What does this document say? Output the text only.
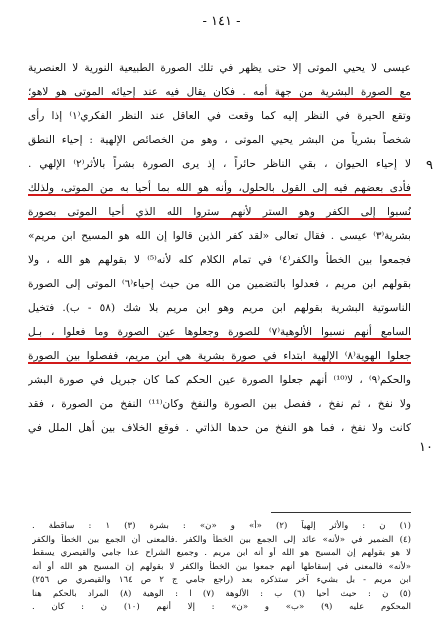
- ١٤١ -
عيسى لا يحيي الموتى إلا حتى يظهر في تلك الصورة الطبيعية النورية لا العنصرية
مع الصورة البشرية من جهة أمه . فكان يقال فيه عند إحيائه الموتى هو لاهو؛
وتقع الحيرة في النظر إليه كما وقعت في العاقل عند النظر الفكري⁽١⁾ إذا رأى
شخصاً بشرياً من البشر يحيي الموتى ، وهو من الخصائص الإلهية : إحياء النطق
لا إحياء الحيوان ، بقي الناظر حائراً ، إذ يرى الصورة بشراً بالأثر⁽٢⁾ الإلهي .
فأدى بعضهم فيه إلى القول بالحلول، وأنه هو الله بما أحيا به من الموتى، ولذلك
نُسبوا إلى الكفر وهو الستر لأنهم ستروا الله الذي أحيا الموتى بصورة
بشرية⁽٣⁾ عيسى . فقال تعالى «لقد كفر الذين قالوا إن الله هو المسيح ابن مريم»
فجمعوا بين الخطأ والكفر⁽٤⁾ في تمام الكلام كله لأنه⁽⁵⁾ لا بقولهم هو الله ، ولا
بقولهم ابن مريم ، فعدلوا بالتضمين من الله من حيث إحياء⁽٦⁾ الموتى إلى الصورة
الناسوتية البشرية بقولهم ابن مريم وهو ابن مريم بلا شك (٥٨ - ب). فتخيل
السامع أنهم نسبوا الألوهية⁽٧⁾ للصورة وجعلوها عين الصورة وما فعلوا ، بـل
جعلوا الهوية⁽٨⁾ الإلهية ابتداء في صورة بشرية هي ابن مريم، ففصلوا بين الصورة
والحكم⁽٩⁾ ، لا⁽¹⁰⁾ أنهم جعلوا الصورة عين الحكم كما كان جبريل في صورة البشر
ولا نفخ ، ثم نفخ ، ففصل بين الصورة والنفخ وكان⁽¹¹⁾ النفخ من الصورة ، فقد
كانت ولا نفخ ، فما هو النفخ من حدها الذاتي . فوقع الخلاف بين أهل الملل في
٩
١٠
(١) ن : والأثر إلهياً (٢) «أ» و «ن» : بشرة (٣) ١ : ساقطة .
(٤) الضمير في «لأنه» عائد إلى الجمع بين الخطأ والكفر .فالمعنى أن الجمع بين الخطأ والكفر
لا هو بقولهم إن المسيح هو الله أو أنه ابن مريم . وجميع الشراح عدا جامي والقيصري يسقط
«لأنه» فالمعنى في إسقاطها أنهم جمعوا بين الخطأ والكفر لا بقولهم إن المسيح هو الله أو أنه
ابن مريم - بل بشيء آخر ستذكره بعد (راجع جامي ج ٢ ص ١٦٤ والقيصري ص ٢٥٦)
(٥) ن : حيث أحيا (٦) ب : الألوهة (٧) ا : الوهية (٨) المراد بالحكم هنا
المحكوم عليه (٩) «ب» و «ن» : إلا أنهم (١٠) ن : كان .
